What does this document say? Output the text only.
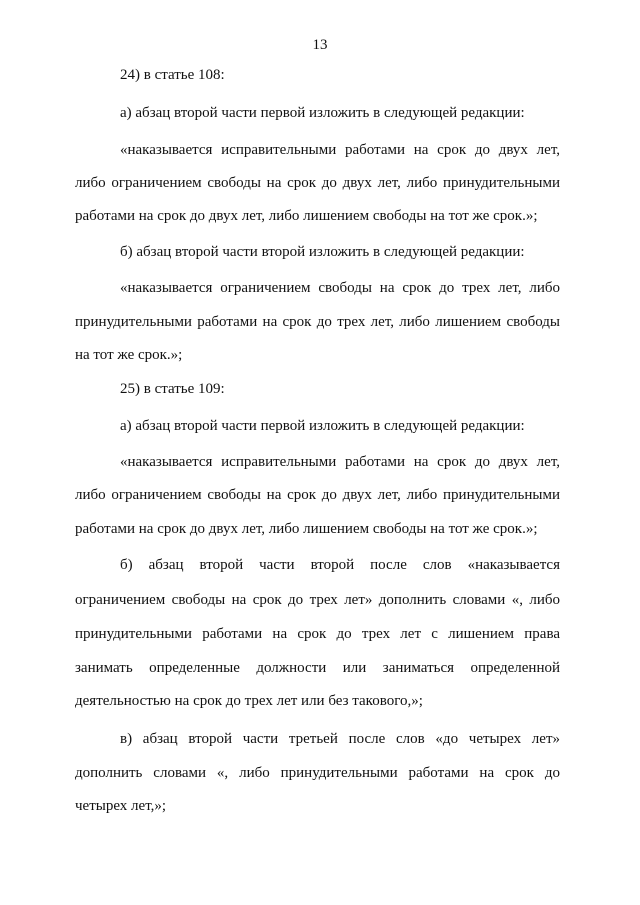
13

24) в статье 108:

а) абзац второй части первой изложить в следующей редакции:

«наказывается исправительными работами на срок до двух лет,

либо ограничением свободы на срок до двух лет, либо принудительными

работами на срок до двух лет, либо лишением свободы на тот же срок.»;

б) абзац второй части второй изложить в следующей редакции:

«наказывается ограничением свободы на срок до трех лет, либо

принудительными работами на срок до трех лет, либо лишением свободы

на тот же срок.»;

25) в статье 109:

а) абзац второй части первой изложить в следующей редакции:

«наказывается исправительными работами на срок до двух лет,

либо ограничением свободы на срок до двух лет, либо принудительными

работами на срок до двух лет, либо лишением свободы на тот же срок.»;

б) абзац второй части второй после слов «наказывается

ограничением свободы на срок до трех лет» дополнить словами «, либо

принудительными работами на срок до трех лет с лишением права

занимать определенные должности или заниматься определенной

деятельностью на срок до трех лет или без такового,»;

в) абзац второй части третьей после слов «до четырех лет»

дополнить словами «, либо принудительными работами на срок до

четырех лет,»;
